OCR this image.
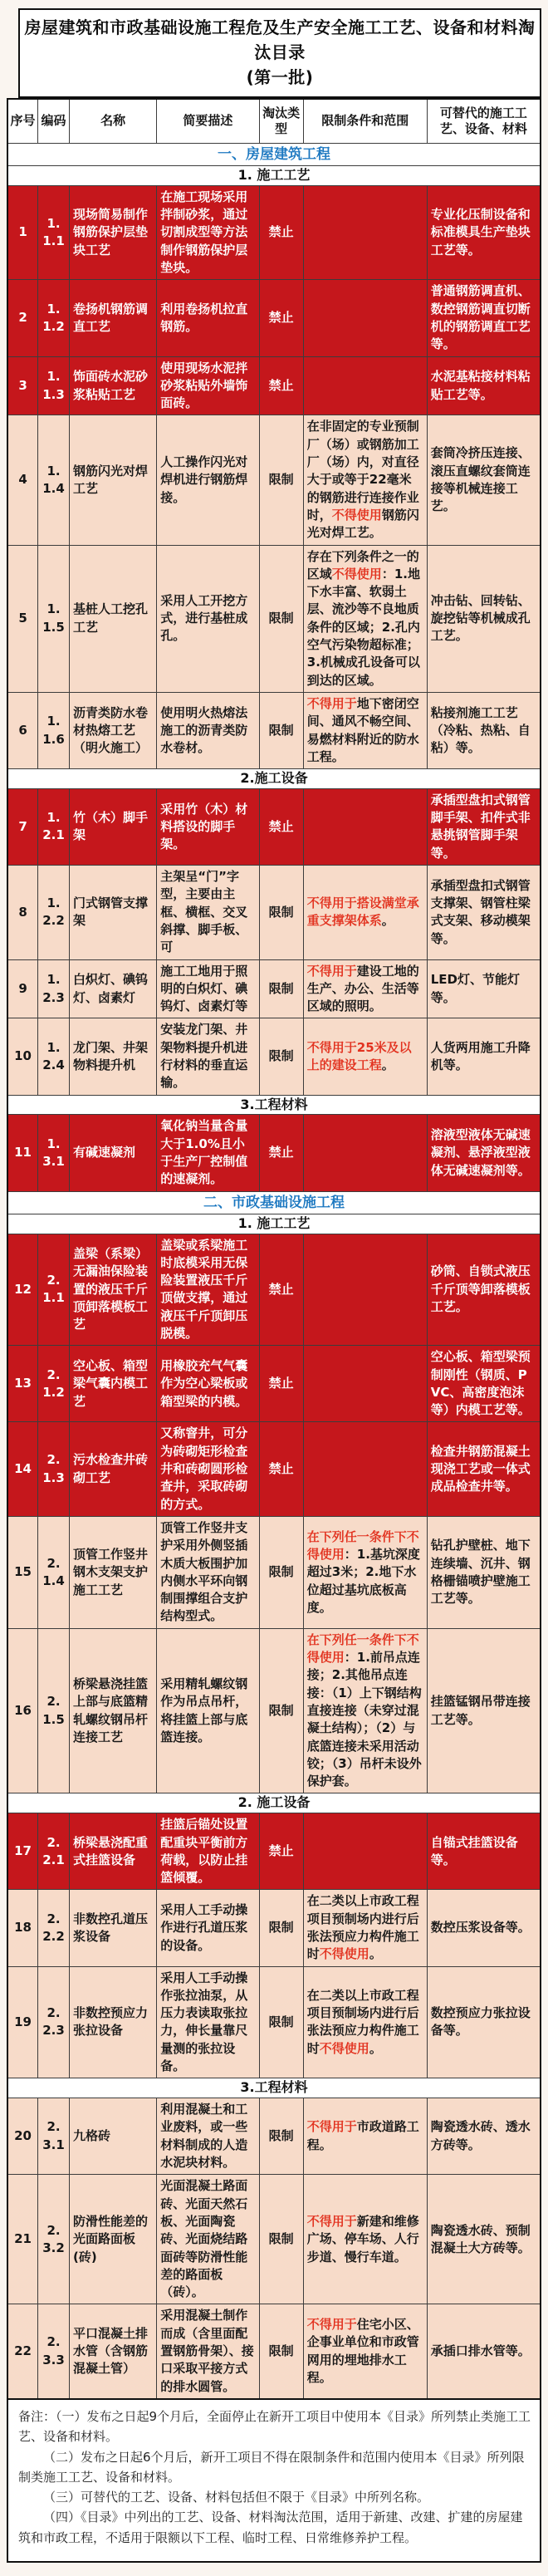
房屋建筑和市政基础设施工程危及生产安全施工工艺、设备和材料淘汰目录
(第一批)
序号	编码	名称	简要描述	淘汰类型	限制条件和范围	可替代的施工工艺、设备、材料
一、房屋建筑工程						
1. 施工工艺						
1	1.1.1	现场简易制作钢筋保护层垫块工艺	在施工现场采用拌制砂浆，通过切割成型等方法制作钢筋保护层垫块。	禁止		专业化压制设备和标准模具生产垫块工艺等。
2	1.1.2	卷扬机钢筋调直工艺	利用卷扬机拉直钢筋。	禁止		普通钢筋调直机、数控钢筋调直切断机的钢筋调直工艺等。
3	1.1.3	饰面砖水泥砂浆粘贴工艺	使用现场水泥拌砂浆粘贴外墙饰面砖。	禁止		水泥基粘接材料粘贴工艺等。
4	1.1.4	钢筋闪光对焊工艺	人工操作闪光对焊机进行钢筋焊接。	限制	在非固定的专业预制厂（场）或钢筋加工厂（场）内，对直径大于或等于22毫米的钢筋进行连接作业时，不得使用钢筋闪光对焊工艺。	套筒冷挤压连接、滚压直螺纹套筒连接等机械连接工艺。
5	1.1.5	基桩人工挖孔工艺	采用人工开挖方式，进行基桩成孔。	限制	存在下列条件之一的区域不得使用：1.地下水丰富、软弱土层、流沙等不良地质条件的区域；2.孔内空气污染物超标准；3.机械成孔设备可以到达的区域。	冲击钻、回转钻、旋挖钻等机械成孔工艺。
6	1.1.6	沥青类防水卷材热熔工艺（明火施工）	使用明火热熔法施工的沥青类防水卷材。	限制	不得用于地下密闭空间、通风不畅空间、易燃材料附近的防水工程。	粘接剂施工工艺（冷粘、热粘、自粘）等。
2.施工设备						
7	1.2.1	竹（木）脚手架	采用竹（木）材料搭设的脚手架。	禁止		承插型盘扣式钢管脚手架、扣件式非悬挑钢管脚手架等。
8	1.2.2	门式钢管支撑架	主架呈“门”字型，主要由主框、横框、交叉斜撑、脚手板、可	限制	不得用于搭设满堂承重支撑架体系。	承插型盘扣式钢管支撑架、钢管柱梁式支架、移动模架等。
9	1.2.3	白炽灯、碘钨灯、卤素灯	施工工地用于照明的白炽灯、碘钨灯、卤素灯等	限制	不得用于建设工地的生产、办公、生活等区域的照明。	LED灯、节能灯等。
10	1.2.4	龙门架、井架物料提升机	安装龙门架、井架物料提升机进行材料的垂直运输。	限制	不得用于25米及以上的建设工程。	人货两用施工升降机等。
3.工程材料						
11	1.3.1	有碱速凝剂	氧化钠当量含量大于1.0%且小于生产厂控制值的速凝剂。	禁止		溶液型液体无碱速凝剂、悬浮液型液体无碱速凝剂等。
二、市政基础设施工程						
1. 施工工艺						
12	2.1.1	盖梁（系梁）无漏油保险装置的液压千斤顶卸落模板工艺	盖梁或系梁施工时底模采用无保险装置液压千斤顶做支撑，通过液压千斤顶卸压脱模。	禁止		砂筒、自锁式液压千斤顶等卸落模板工艺。
13	2.1.2	空心板、箱型梁气囊内模工艺	用橡胶充气气囊作为空心梁板或箱型梁的内模。	禁止		空心板、箱型梁预制刚性（钢质、PVC、高密度泡沫等）内模工艺等。
14	2.1.3	污水检查井砖砌工艺	又称窨井，可分为砖砌矩形检查井和砖砌圆形检查井，采取砖砌的方式。	禁止		检查井钢筋混凝土现浇工艺或一体式成品检查井等。
15	2.1.4	顶管工作竖井钢木支架支护施工工艺	顶管工作竖井支护采用外侧竖插木质大板围护加内侧水平环向钢制围撑组合支护结构型式。	限制	在下列任一条件下不得使用：1.基坑深度超过3米；2.地下水位超过基坑底板高度。	钻孔护壁桩、地下连续墙、沉井、钢格栅锚喷护壁施工工艺等。
16	2.1.5	桥梁悬浇挂篮上部与底篮精轧螺纹钢吊杆连接工艺	采用精轧螺纹钢作为吊点吊杆，将挂篮上部与底篮连接。	限制	在下列任一条件下不得使用：1.前吊点连接；2.其他吊点连接：（1）上下钢结构直接连接（未穿过混凝土结构）；（2）与底篮连接未采用活动铰；（3）吊杆未设外保护套。	挂篮锰钢吊带连接工艺等。
2. 施工设备						
17	2.2.1	桥梁悬浇配重式挂篮设备	挂篮后锚处设置配重块平衡前方荷载，以防止挂篮倾覆。	禁止		自锚式挂篮设备等。
18	2.2.2	非数控孔道压浆设备	采用人工手动操作进行孔道压浆的设备。	限制	在二类以上市政工程项目预制场内进行后张法预应力构件施工时不得使用。	数控压浆设备等。
19	2.2.3	非数控预应力张拉设备	采用人工手动操作张拉油泵，从压力表读取张拉力，伸长量靠尺量测的张拉设备。	限制	在二类以上市政工程项目预制场内进行后张法预应力构件施工时不得使用。	数控预应力张拉设备等。
3.工程材料						
20	2.3.1	九格砖	利用混凝土和工业废料，或一些材料制成的人造水泥块材料。	限制	不得用于市政道路工程。	陶瓷透水砖、透水方砖等。
21	2.3.2	防滑性能差的光面路面板(砖)	光面混凝土路面砖、光面天然石板、光面陶瓷砖、光面烧结路面砖等防滑性能差的路面板（砖）。	限制	不得用于新建和维修广场、停车场、人行步道、慢行车道。	陶瓷透水砖、预制混凝土大方砖等。
22	2.3.3	平口混凝土排水管（含钢筋混凝土管）	采用混凝土制作而成（含里面配置钢筋骨架）、接口采取平接方式的排水圆管。	限制	不得用于住宅小区、企事业单位和市政管网用的埋地排水工程。	承插口排水管等。

备注：（一）发布之日起9个月后，全面停止在新开工项目中使用本《目录》所列禁止类施工工艺、设备和材料。

（二）发布之日起6个月后，新开工项目不得在限制条件和范围内使用本《目录》所列限制类施工工艺、设备和材料。

（三）可替代的工艺、设备、材料包括但不限于《目录》中所列名称。

（四）《目录》中列出的工艺、设备、材料淘汰范围，适用于新建、改建、扩建的房屋建筑和市政工程，不适用于限额以下工程、临时工程、日常维修养护工程。
